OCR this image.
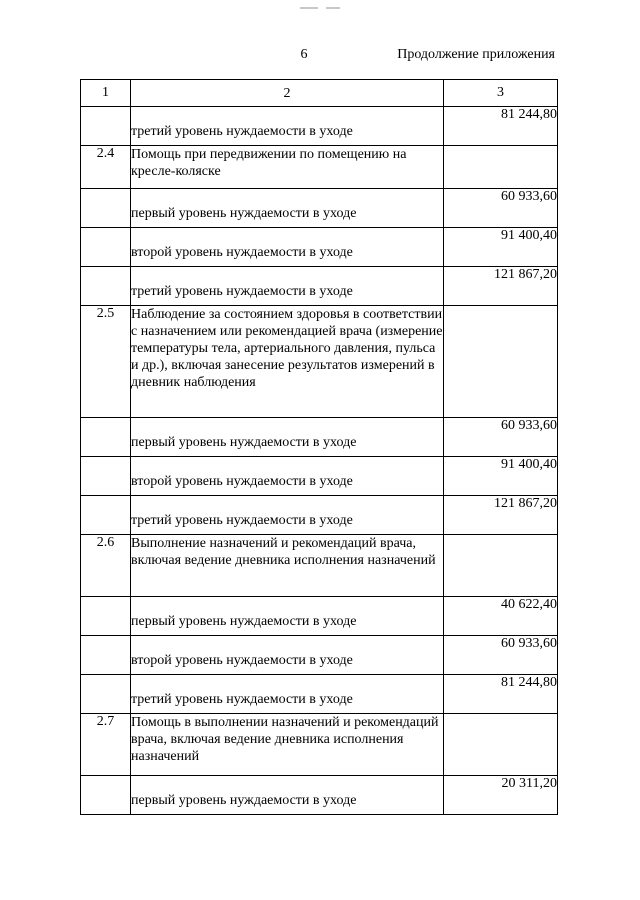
6	Продолжение приложения
1	2	3
	третий уровень нуждаемости в уходе	81 244,80
2.4	Помощь при передвижении по помещению на кресле-коляске	
	первый уровень нуждаемости в уходе	60 933,60
	второй уровень нуждаемости в уходе	91 400,40
	третий уровень нуждаемости в уходе	121 867,20
2.5	Наблюдение за состоянием здоровья в соответствии с назначением или рекомендацией врача (измерение температуры тела, артериального давления, пульса и др.), включая занесение результатов измерений в дневник наблюдения	
	первый уровень нуждаемости в уходе	60 933,60
	второй уровень нуждаемости в уходе	91 400,40
	третий уровень нуждаемости в уходе	121 867,20
2.6	Выполнение назначений и рекомендаций врача, включая ведение дневника исполнения назначений	
	первый уровень нуждаемости в уходе	40 622,40
	второй уровень нуждаемости в уходе	60 933,60
	третий уровень нуждаемости в уходе	81 244,80
2.7	Помощь в выполнении назначений и рекомендаций врача, включая ведение дневника исполнения назначений	
	первый уровень нуждаемости в уходе	20 311,20
